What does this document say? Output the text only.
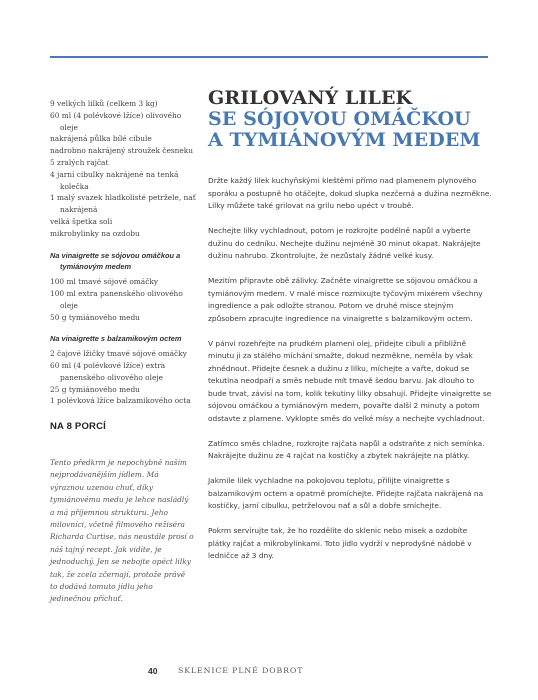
9 velkých lilků (celkem 3 kg)

60 ml (4 polévkové lžíce) olivového oleje

nakrájená půlka bílé cibule

nadrobno nakrájený stroužek česneku

5 zralých rajčat

4 jarní cibulky nakrájené na tenká kolečka

1 malý svazek hladkolisté petržele, nať nakrájená

velká špetka soli

mikrobylinky na ozdobu

Na vinaigrette se sójovou omáčkou a tymiánovým medem

100 ml tmavé sójové omáčky

100 ml extra panenského olivového oleje

50 g tymiánového medu

Na vinaigrette s balzamikovým octem

2 čajové lžičky tmavé sójové omáčky

60 ml (4 polévkové lžíce) extra panenského olivového oleje

25 g tymiánového medu

1 polévková lžíce balzamikového octa

NA 8 PORCÍ

Tento předkrm je nepochybně naším nejprodávanějším jídlem. Má výraznou uzenou chuť, díky tymiánovému medu je lehce nasládlý a má příjemnou strukturu. Jeho milovníci, včetně filmového režiséra Richarda Curtise, nás neustále prosí o náš tajný recept. Jak vidíte, je jednoduchý. Jen se nebojte opéct lilky tak, že zcela zčernají, protože právě to dodává tomuto jídlu jeho jedinečnou příchuť.

GRILOVANÝ LILEK
SE SÓJOVOU OMÁČKOU
A TYMIÁNOVÝM MEDEM

Držte každý lilek kuchyňskými kleštěmi přímo nad plamenem plynového sporáku a postupně ho otáčejte, dokud slupka nezčerná a dužina nezměkne. Lilky můžete také grilovat na grilu nebo upéct v troubě.

Nechejte lilky vychladnout, potom je rozkrojte podélně napůl a vyberte dužinu do cedníku. Nechejte dužinu nejméně 30 minut okapat. Nakrájejte dužinu nahrubo. Zkontrolujte, že nezůstaly žádné velké kusy.

Mezitím připravte obě zálivky. Začněte vinaigrette se sójovou omáčkou a tymiánovým medem. V malé misce rozmixujte tyčovým mixérem všechny ingredience a pak odložte stranou. Potom ve druhé misce stejným způsobem zpracujte ingredience na vinaigrette s balzamikovým octem.

V pánvi rozehřejte na prudkém plameni olej, přidejte cibuli a přibližně minutu ji za stálého míchání smažte, dokud nezměkne, neměla by však zhnědnout. Přidejte česnek a dužinu z lilku, míchejte a vařte, dokud se tekutina neodpaří a směs nebude mít tmavě šedou barvu. Jak dlouho to bude trvat, závisí na tom, kolik tekutiny lilky obsahují. Přidejte vinaigrette se sójovou omáčkou a tymiánovým medem, povařte další 2 minuty a potom odstavte z plamene. Vyklopte směs do velké mísy a nechejte vychladnout.

Zatímco směs chladne, rozkrojte rajčata napůl a odstraňte z nich semínka. Nakrájejte dužinu ze 4 rajčat na kostičky a zbytek nakrájejte na plátky.

Jakmile lilek vychladne na pokojovou teplotu, přilijte vinaigrette s balzamikovým octem a opatrně promíchejte. Přidejte rajčata nakrájená na kostičky, jarní cibulku, petrželovou nať a sůl a dobře smíchejte.

Pokrm servírujte tak, že ho rozdělíte do sklenic nebo misek a ozdobíte plátky rajčat a mikrobylinkami. Toto jídlo vydrží v neprodyšné nádobě v ledničce až 3 dny.

40	SKLENICE PLNÉ DOBROT
